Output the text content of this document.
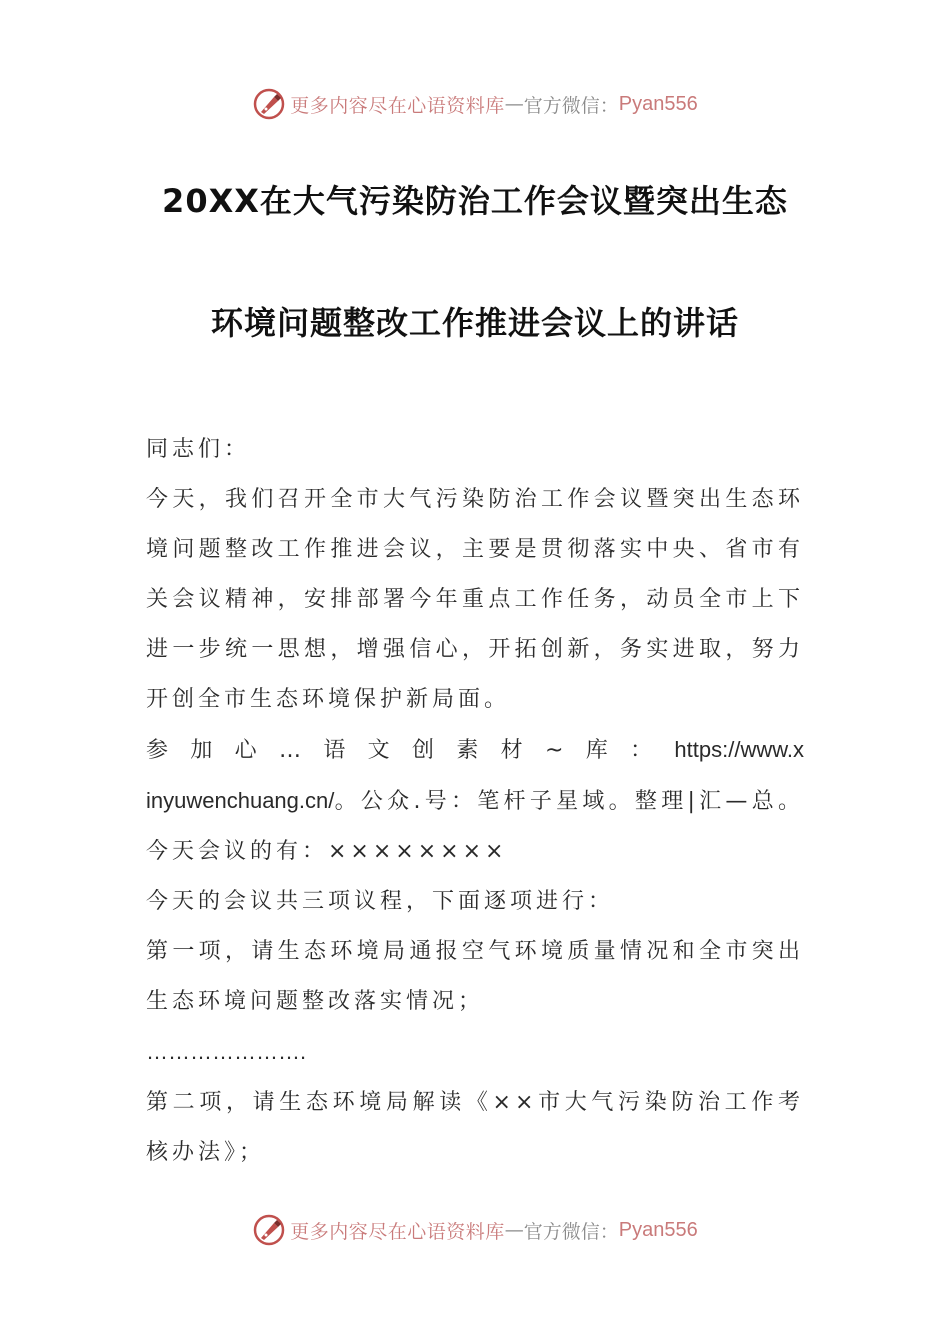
更多内容尽在心语资料库 — 官方微信： Pyan556
20XX在大气污染防治工作会议暨突出生态
环境问题整改工作推进会议上的讲话

同志们：

今天，我们召开全市大气污染防治工作会议暨突出生态环境问题整改工作推进会议，主要是贯彻落实中央、省市有关会议精神，安排部署今年重点工作任务，动员全市上下进一步统一思想，增强信心，开拓创新，务实进取，努力开创全市生态环境保护新局面。

参加心…语文创素材~库：https://www.xinyuwenchuang.cn/。公众.号：笔杆子星域。整理|汇—总。今天会议的有：××××××××

今天的会议共三项议程，下面逐项进行：

第一项，请生态环境局通报空气环境质量情况和全市突出生态环境问题整改落实情况；

………………….

第二项，请生态环境局解读《××市大气污染防治工作考核办法》；

更多内容尽在心语资料库 — 官方微信： Pyan556
